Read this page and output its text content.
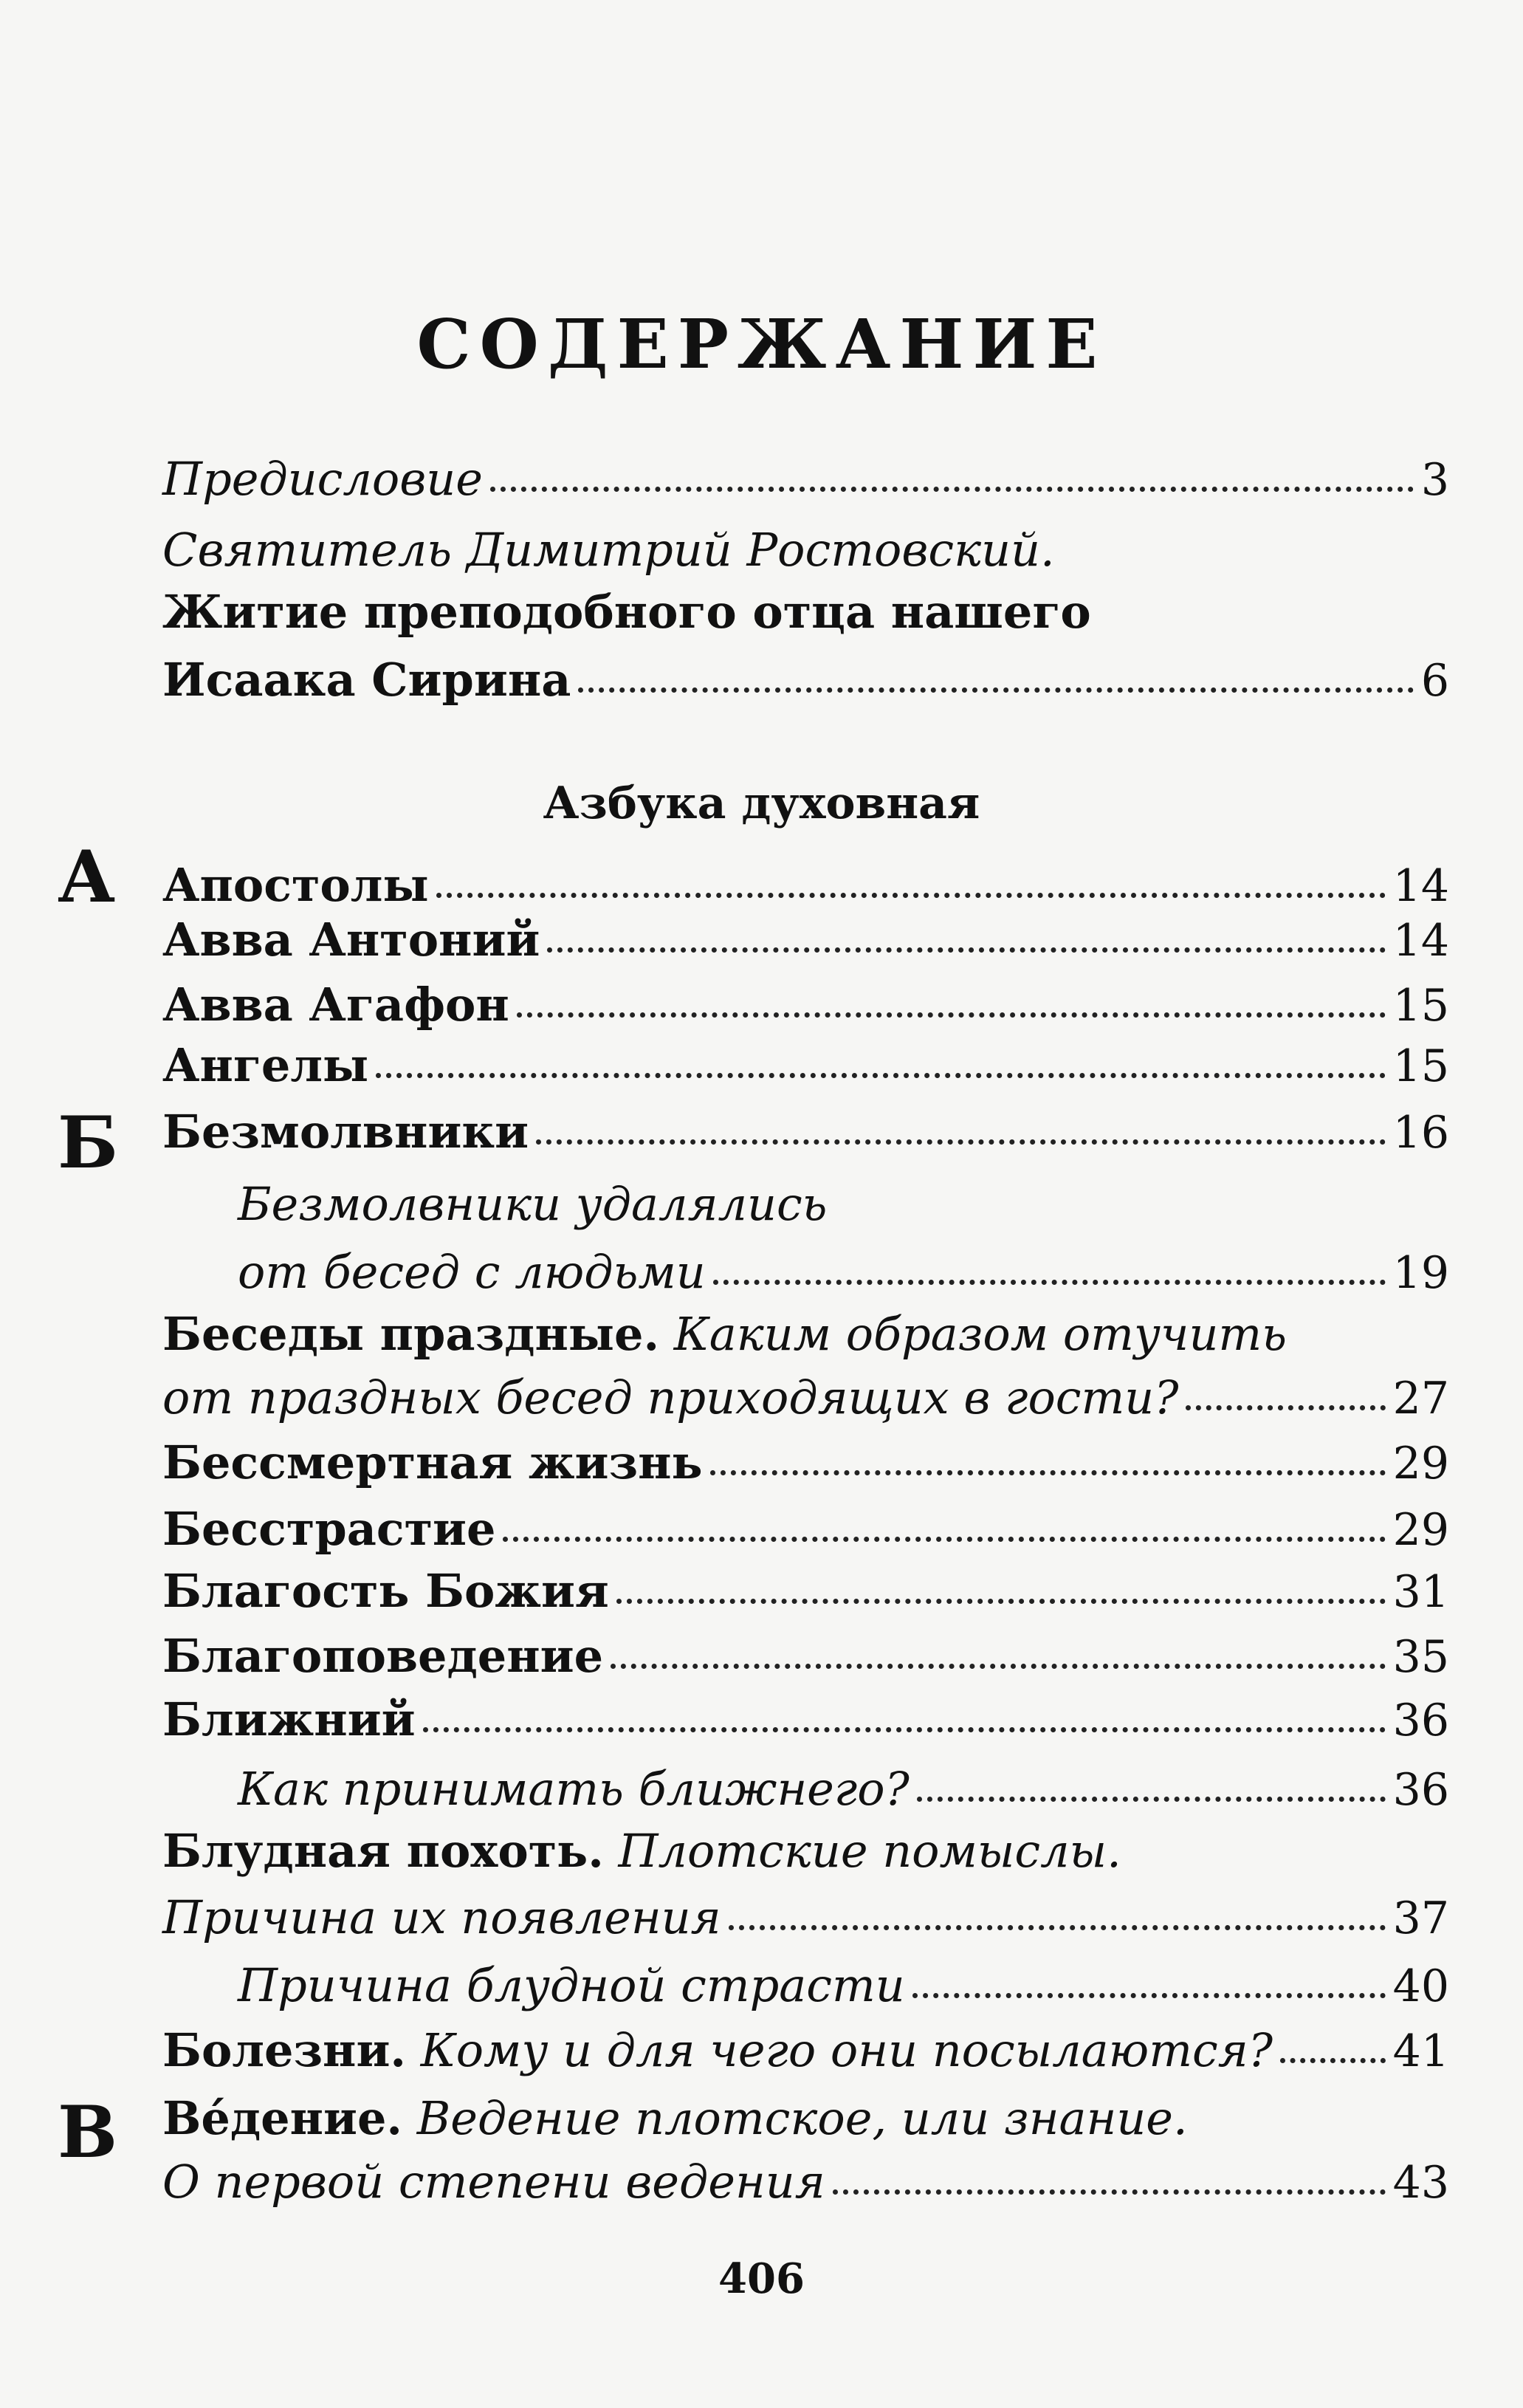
СОДЕРЖАНИЕ
Азбука духовная
А
Б
В
Предисловие	3
Святитель Димитрий Ростовский.
Житие преподобного отца нашего
Исаака Сирина	6
Апостолы	14
Авва Антоний	14
Авва Агафон	15
Ангелы	15
Безмолвники	16
Безмолвники удалялись
от бесед с людьми	19
Беседы праздные. Каким образом отучить
от праздных бесед приходящих в гости?	27
Бессмертная жизнь	29
Бесстрастие	29
Благость Божия	31
Благоповедение	35
Ближний	36
Как принимать ближнего?	36
Блудная похоть. Плотские помыслы.
Причина их появления	37
Причина блудной страсти	40
Болезни. Кому и для чего они посылаются?	41
Ве́дение. Ведение плотское, или знание.
О первой степени ведения	43
406
